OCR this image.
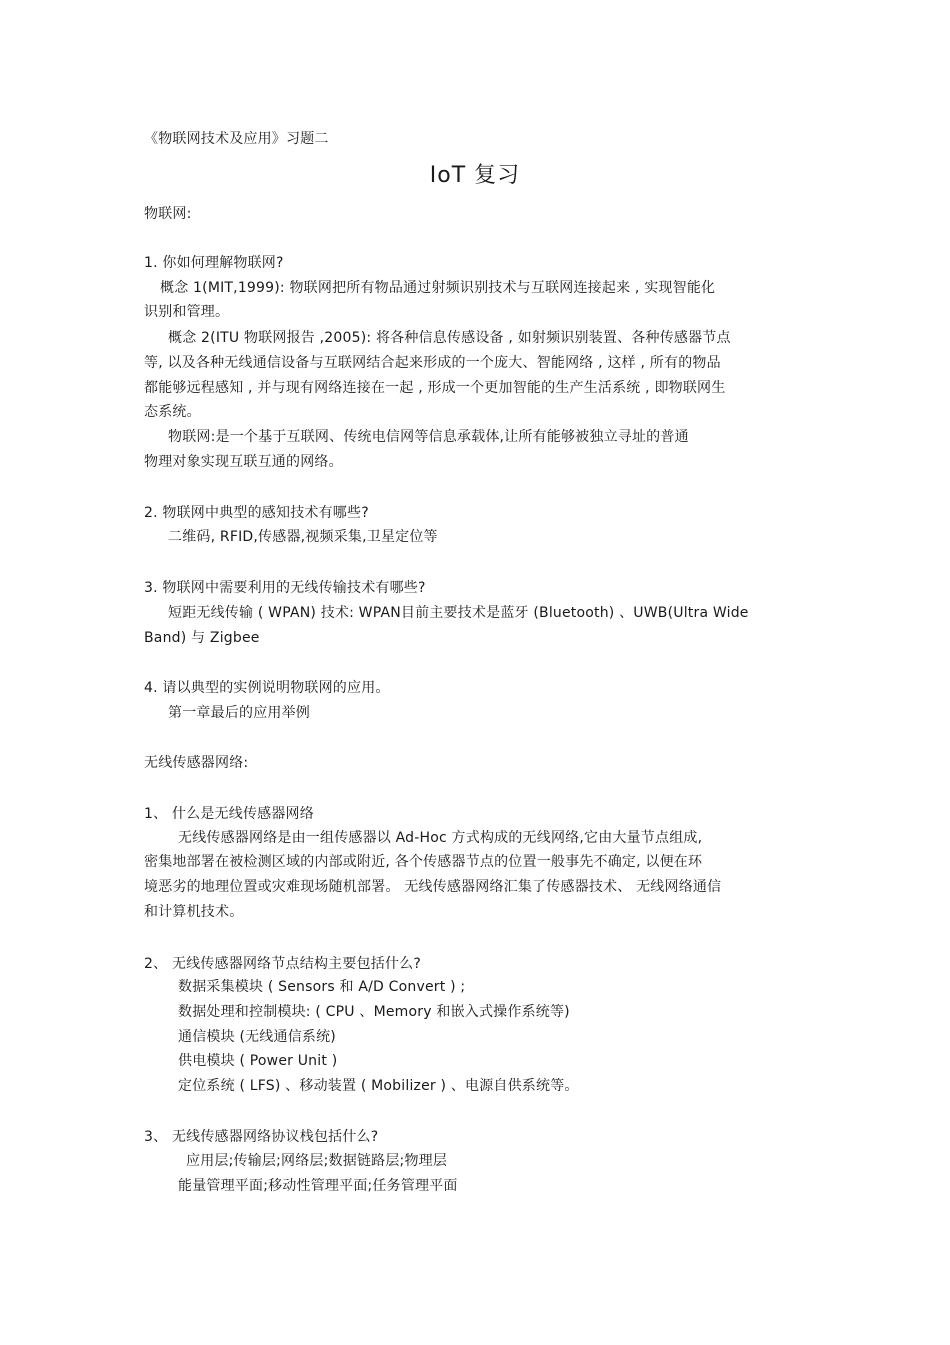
《物联网技术及应用》习题二
IoT 复习
物联网:
1. 你如何理解物联网?
概念 1(MIT,1999): 物联网把所有物品通过射频识别技术与互联网连接起来 , 实现智能化
识别和管理。
概念 2(ITU 物联网报告 ,2005): 将各种信息传感设备 , 如射频识别装置、各种传感器节点
等, 以及各种无线通信设备与互联网结合起来形成的一个庞大、智能网络 , 这样 , 所有的物品
都能够远程感知 , 并与现有网络连接在一起 , 形成一个更加智能的生产生活系统 , 即物联网生
态系统。
物联网:是一个基于互联网、传统电信网等信息承载体,让所有能够被独立寻址的普通
物理对象实现互联互通的网络。
2. 物联网中典型的感知技术有哪些?
二维码, RFID,传感器,视频采集,卫星定位等
3. 物联网中需要利用的无线传输技术有哪些?
短距无线传输 ( WPAN) 技术: WPAN目前主要技术是蓝牙 (Bluetooth) 、UWB(Ultra Wide
Band) 与 Zigbee
4. 请以典型的实例说明物联网的应用。
第一章最后的应用举例
无线传感器网络:
1、 什么是无线传感器网络
无线传感器网络是由一组传感器以 Ad-Hoc 方式构成的无线网络,它由大量节点组成,
密集地部署在被检测区域的内部或附近, 各个传感器节点的位置一般事先不确定, 以便在环
境恶劣的地理位置或灾难现场随机部署。 无线传感器网络汇集了传感器技术、 无线网络通信
和计算机技术。
2、 无线传感器网络节点结构主要包括什么?
数据采集模块 ( Sensors 和 A/D Convert ) ;
数据处理和控制模块: ( CPU 、Memory 和嵌入式操作系统等)
通信模块 (无线通信系统)
供电模块 ( Power Unit )
定位系统 ( LFS) 、移动装置 ( Mobilizer ) 、电源自供系统等。
3、 无线传感器网络协议栈包括什么?
应用层;传输层;网络层;数据链路层;物理层
能量管理平面;移动性管理平面;任务管理平面
